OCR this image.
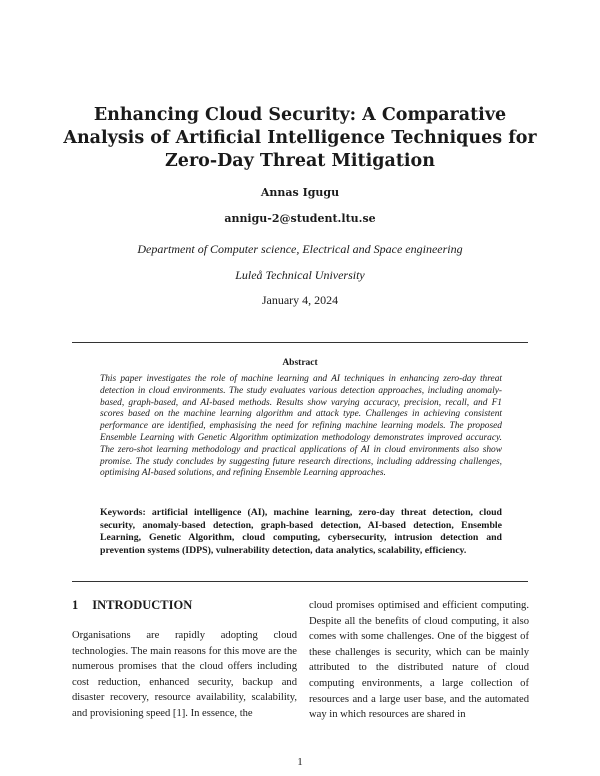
Enhancing Cloud Security: A Comparative Analysis of Artificial Intelligence Techniques for Zero-Day Threat Mitigation
Annas Igugu
annigu-2@student.ltu.se
Department of Computer science, Electrical and Space engineering
Luleå Technical University
January 4, 2024
Abstract
This paper investigates the role of machine learning and AI techniques in enhancing zero-day threat detection in cloud environments. The study evaluates various detection approaches, including anomaly-based, graph-based, and AI-based methods. Results show varying accuracy, precision, recall, and F1 scores based on the machine learning algorithm and attack type. Challenges in achieving consistent performance are identified, emphasising the need for refining machine learning models. The proposed Ensemble Learning with Genetic Algorithm optimization methodology demonstrates improved accuracy. The zero-shot learning methodology and practical applications of AI in cloud environments also show promise. The study concludes by suggesting future research directions, including addressing challenges, optimising AI-based solutions, and refining Ensemble Learning approaches.
Keywords: artificial intelligence (AI), machine learning, zero-day threat detection, cloud security, anomaly-based detection, graph-based detection, AI-based detection, Ensemble Learning, Genetic Algorithm, cloud computing, cybersecurity, intrusion detection and prevention systems (IDPS), vulnerability detection, data analytics, scalability, efficiency.
1 INTRODUCTION
Organisations are rapidly adopting cloud technologies. The main reasons for this move are the numerous promises that the cloud offers including cost reduction, enhanced security, backup and disaster recovery, resource availability, scalability, and provisioning speed [1]. In essence, the
cloud promises optimised and efficient computing. Despite all the benefits of cloud computing, it also comes with some challenges. One of the biggest of these challenges is security, which can be mainly attributed to the distributed nature of cloud computing environments, a large collection of resources and a large user base, and the automated way in which resources are shared in
1
